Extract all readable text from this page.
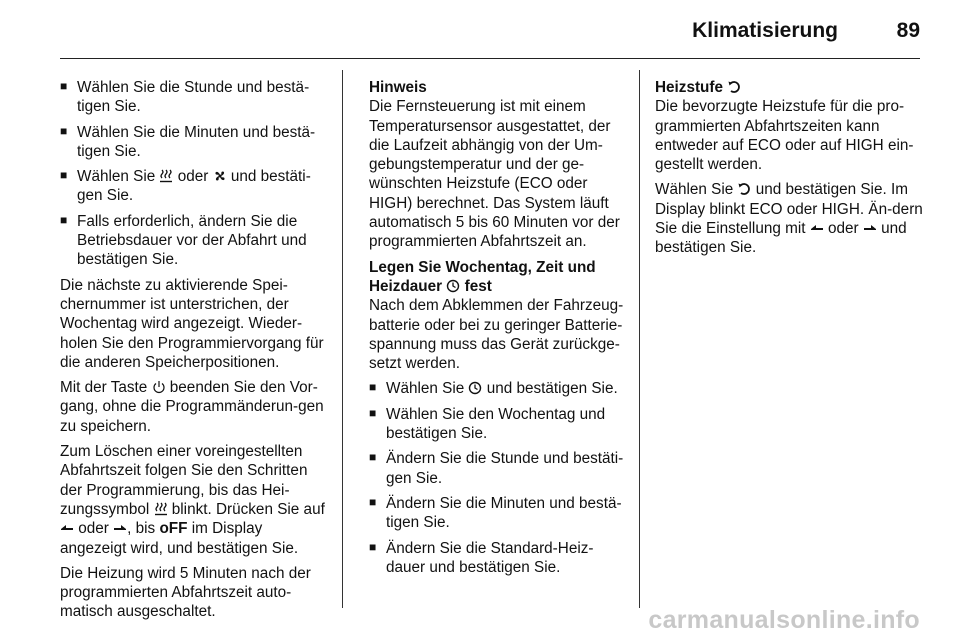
Klimatisierung	89
■ Wählen Sie die Stunde und bestä-tigen Sie.
■ Wählen Sie die Minuten und bestä-tigen Sie.
■ Wählen Sie
oder
und bestäti-gen Sie.
■ Falls erforderlich, ändern Sie die Betriebsdauer vor der Abfahrt und bestätigen Sie.

Die nächste zu aktivierende Spei-chernummer ist unterstrichen, der Wochentag wird angezeigt. Wieder-holen Sie den Programmiervorgang für die anderen Speicherpositionen.

Mit der Taste
beenden Sie den Vor-gang, ohne die Programmänderun-gen zu speichern.

Zum Löschen einer voreingestellten Abfahrtszeit folgen Sie den Schritten der Programmierung, bis das Hei-zungssymbol
blinkt. Drücken Sie auf
oder
, bis oFF im Display angezeigt wird, und bestätigen Sie.

Die Heizung wird 5 Minuten nach der programmierten Abfahrtszeit auto-matisch ausgeschaltet.

Hinweis

Die Fernsteuerung ist mit einem Temperatursensor ausgestattet, der die Laufzeit abhängig von der Um-gebungstemperatur und der ge-wünschten Heizstufe (ECO oder HIGH) berechnet. Das System läuft automatisch 5 bis 60 Minuten vor der programmierten Abfahrtszeit an.

Legen Sie Wochentag, Zeit und Heizdauer
fest

Nach dem Abklemmen der Fahrzeug-batterie oder bei zu geringer Batterie-spannung muss das Gerät zurückge-setzt werden.

■ Wählen Sie
und bestätigen Sie.
■ Wählen Sie den Wochentag und bestätigen Sie.
■ Ändern Sie die Stunde und bestäti-gen Sie.
■ Ändern Sie die Minuten und bestä-tigen Sie.
■ Ändern Sie die Standard-Heiz-dauer und bestätigen Sie.

Heizstufe

Die bevorzugte Heizstufe für die pro-grammierten Abfahrtszeiten kann entweder auf ECO oder auf HIGH ein-gestellt werden.

Wählen Sie
und bestätigen Sie. Im Display blinkt ECO oder HIGH. Än-dern Sie die Einstellung mit
oder
und bestätigen Sie.

carmanualsonline.info
